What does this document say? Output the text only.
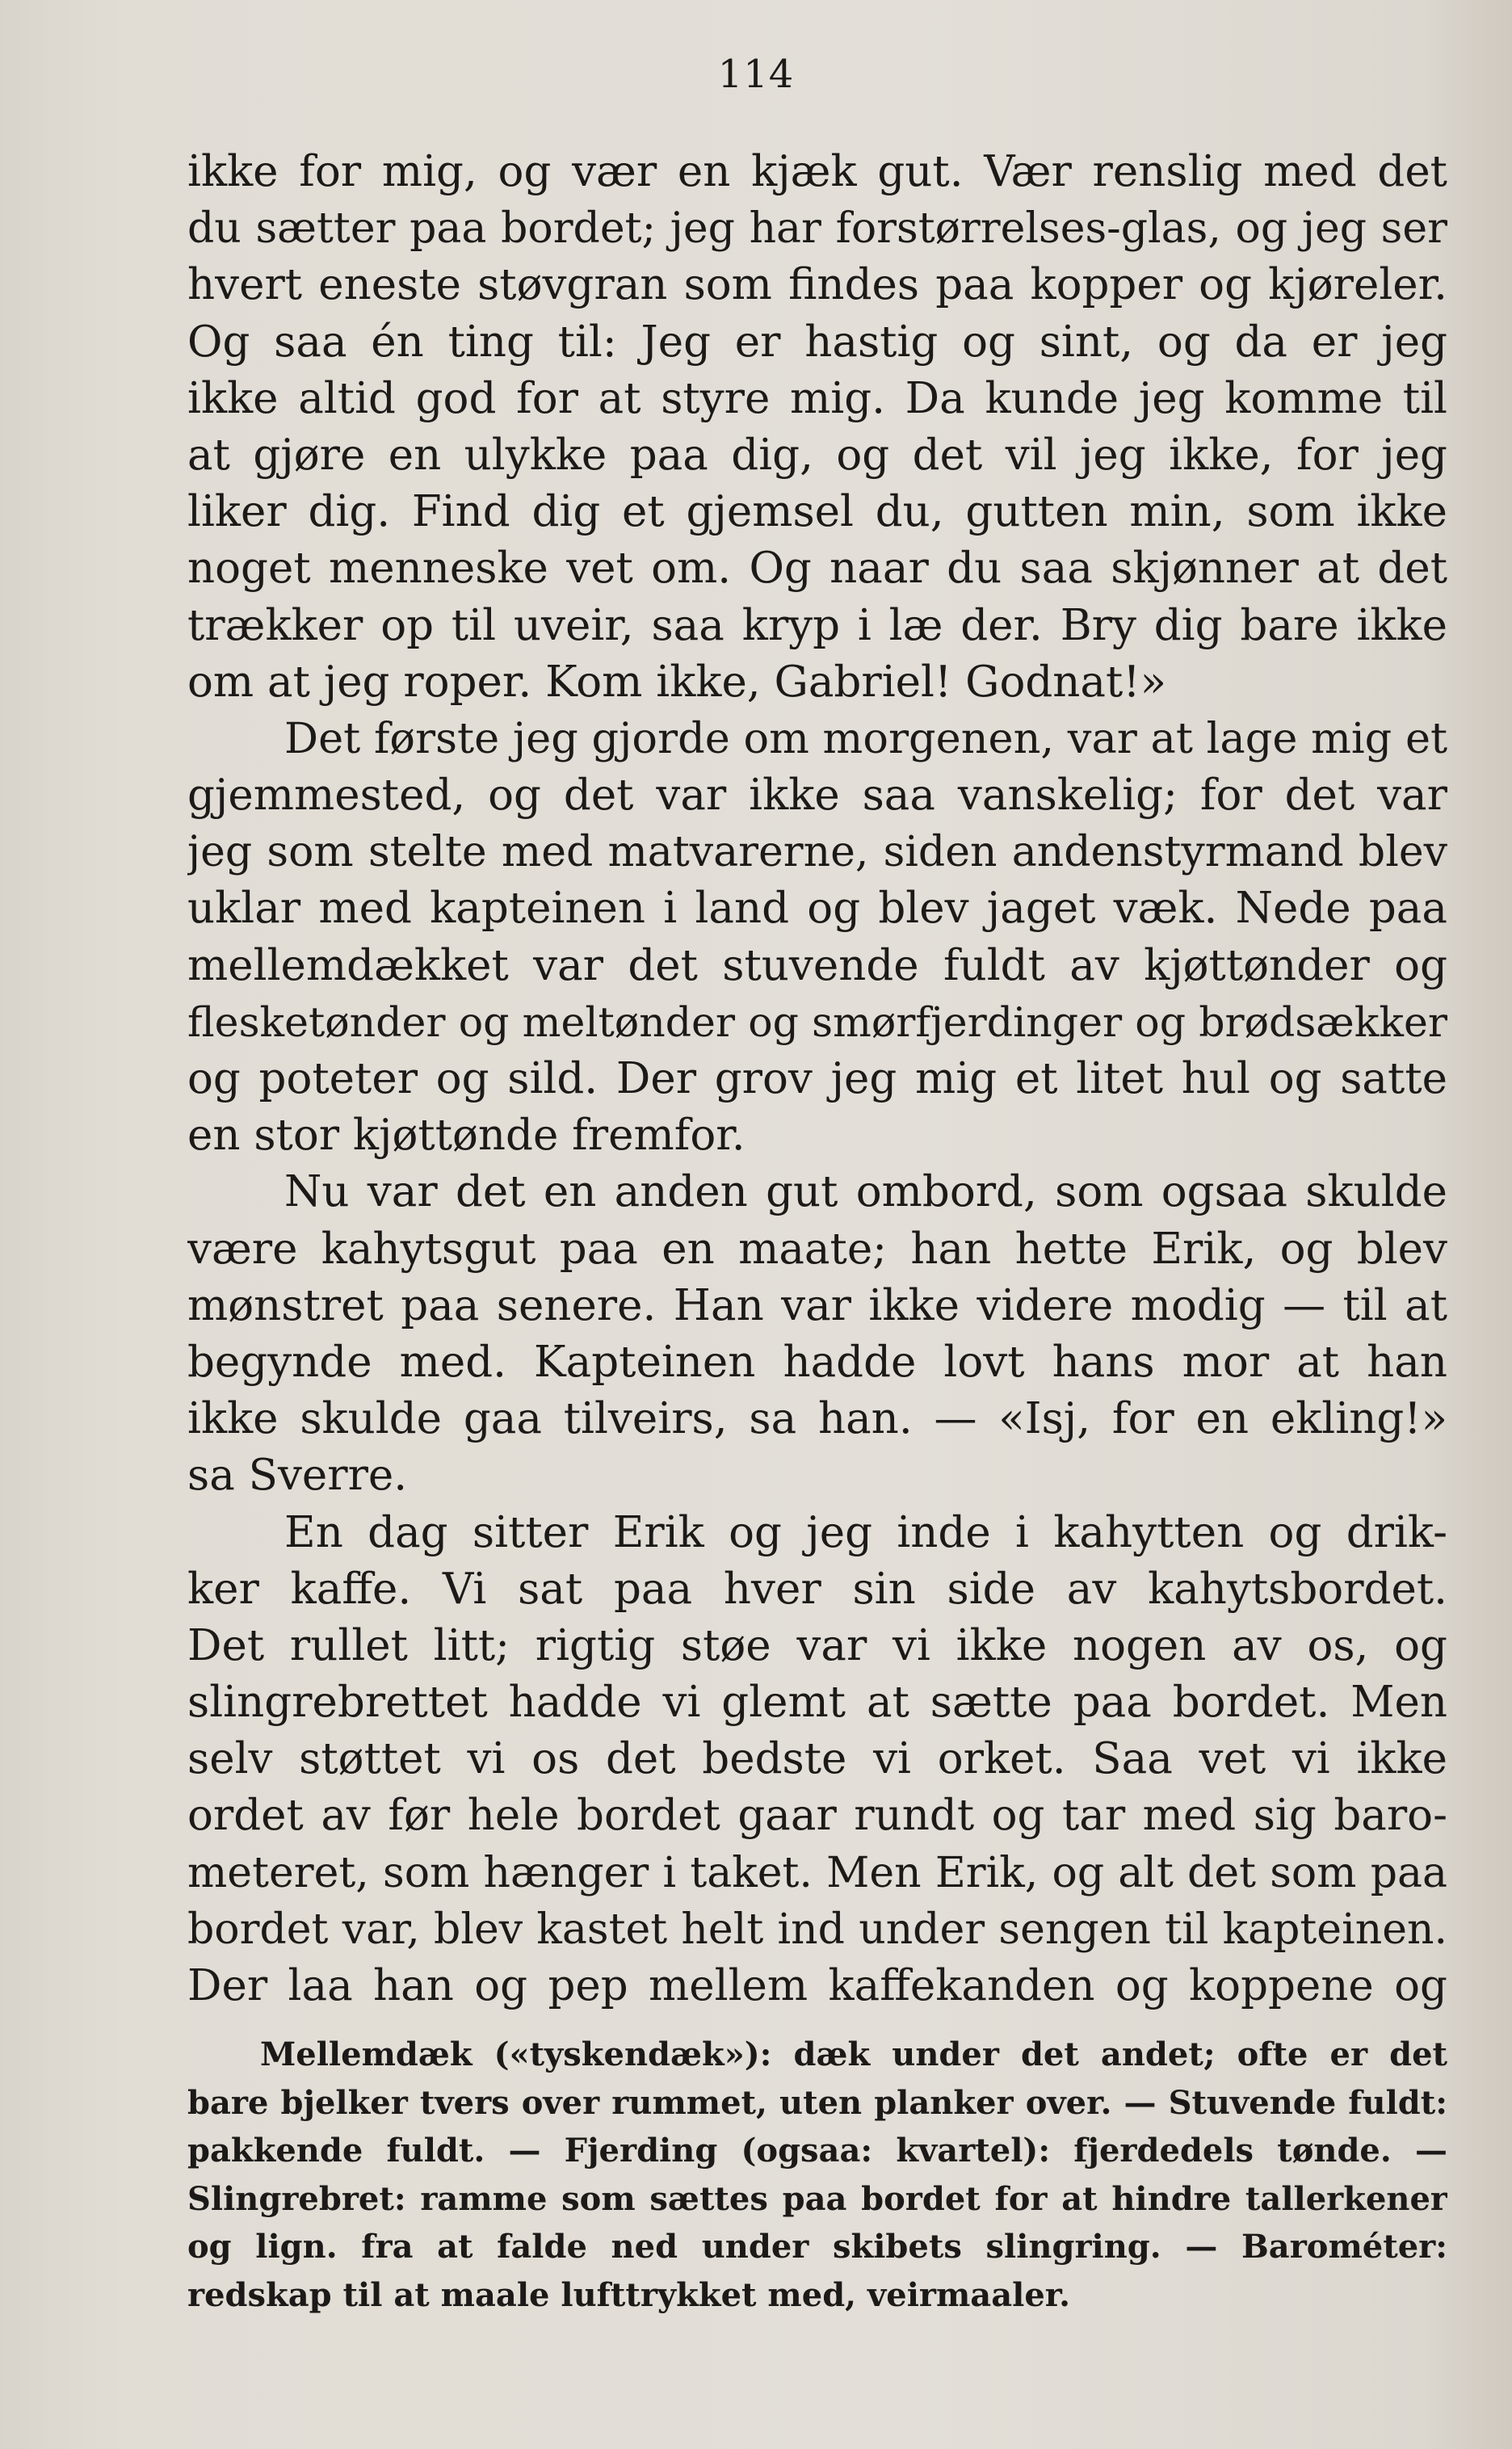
114
ikke for mig, og vær en kjæk gut. Vær renslig med det
du sætter paa bordet; jeg har forstørrelses-glas, og jeg ser
hvert eneste støvgran som findes paa kopper og kjøreler.
Og saa én ting til: Jeg er hastig og sint, og da er jeg
ikke altid god for at styre mig. Da kunde jeg komme til
at gjøre en ulykke paa dig, og det vil jeg ikke, for jeg
liker dig. Find dig et gjemsel du, gutten min, som ikke
noget menneske vet om. Og naar du saa skjønner at det
trækker op til uveir, saa kryp i læ der. Bry dig bare ikke
om at jeg roper. Kom ikke, Gabriel! Godnat!»
Det første jeg gjorde om morgenen, var at lage mig et
gjemmested, og det var ikke saa vanskelig; for det var
jeg som stelte med matvarerne, siden andenstyrmand blev
uklar med kapteinen i land og blev jaget væk. Nede paa
mellemdækket var det stuvende fuldt av kjøttønder og
flesketønder og meltønder og smørfjerdinger og brødsækker
og poteter og sild. Der grov jeg mig et litet hul og satte
en stor kjøttønde fremfor.
Nu var det en anden gut ombord, som ogsaa skulde
være kahytsgut paa en maate; han hette Erik, og blev
mønstret paa senere. Han var ikke videre modig — til at
begynde med. Kapteinen hadde lovt hans mor at han
ikke skulde gaa tilveirs, sa han. — «Isj, for en ekling!»
sa Sverre.
En dag sitter Erik og jeg inde i kahytten og drik-
ker kaffe. Vi sat paa hver sin side av kahytsbordet.
Det rullet litt; rigtig støe var vi ikke nogen av os, og
slingrebrettet hadde vi glemt at sætte paa bordet. Men
selv støttet vi os det bedste vi orket. Saa vet vi ikke
ordet av før hele bordet gaar rundt og tar med sig baro-
meteret, som hænger i taket. Men Erik, og alt det som paa
bordet var, blev kastet helt ind under sengen til kapteinen.
Der laa han og pep mellem kaffekanden og koppene og
Mellemdæk («tyskendæk»): dæk under det andet; ofte er det
bare bjelker tvers over rummet, uten planker over. — Stuvende fuldt:
pakkende fuldt. — Fjerding (ogsaa: kvartel): fjerdedels tønde. —
Slingrebret: ramme som sættes paa bordet for at hindre tallerkener
og lign. fra at falde ned under skibets slingring. — Barométer:
redskap til at maale lufttrykket med, veirmaaler.
